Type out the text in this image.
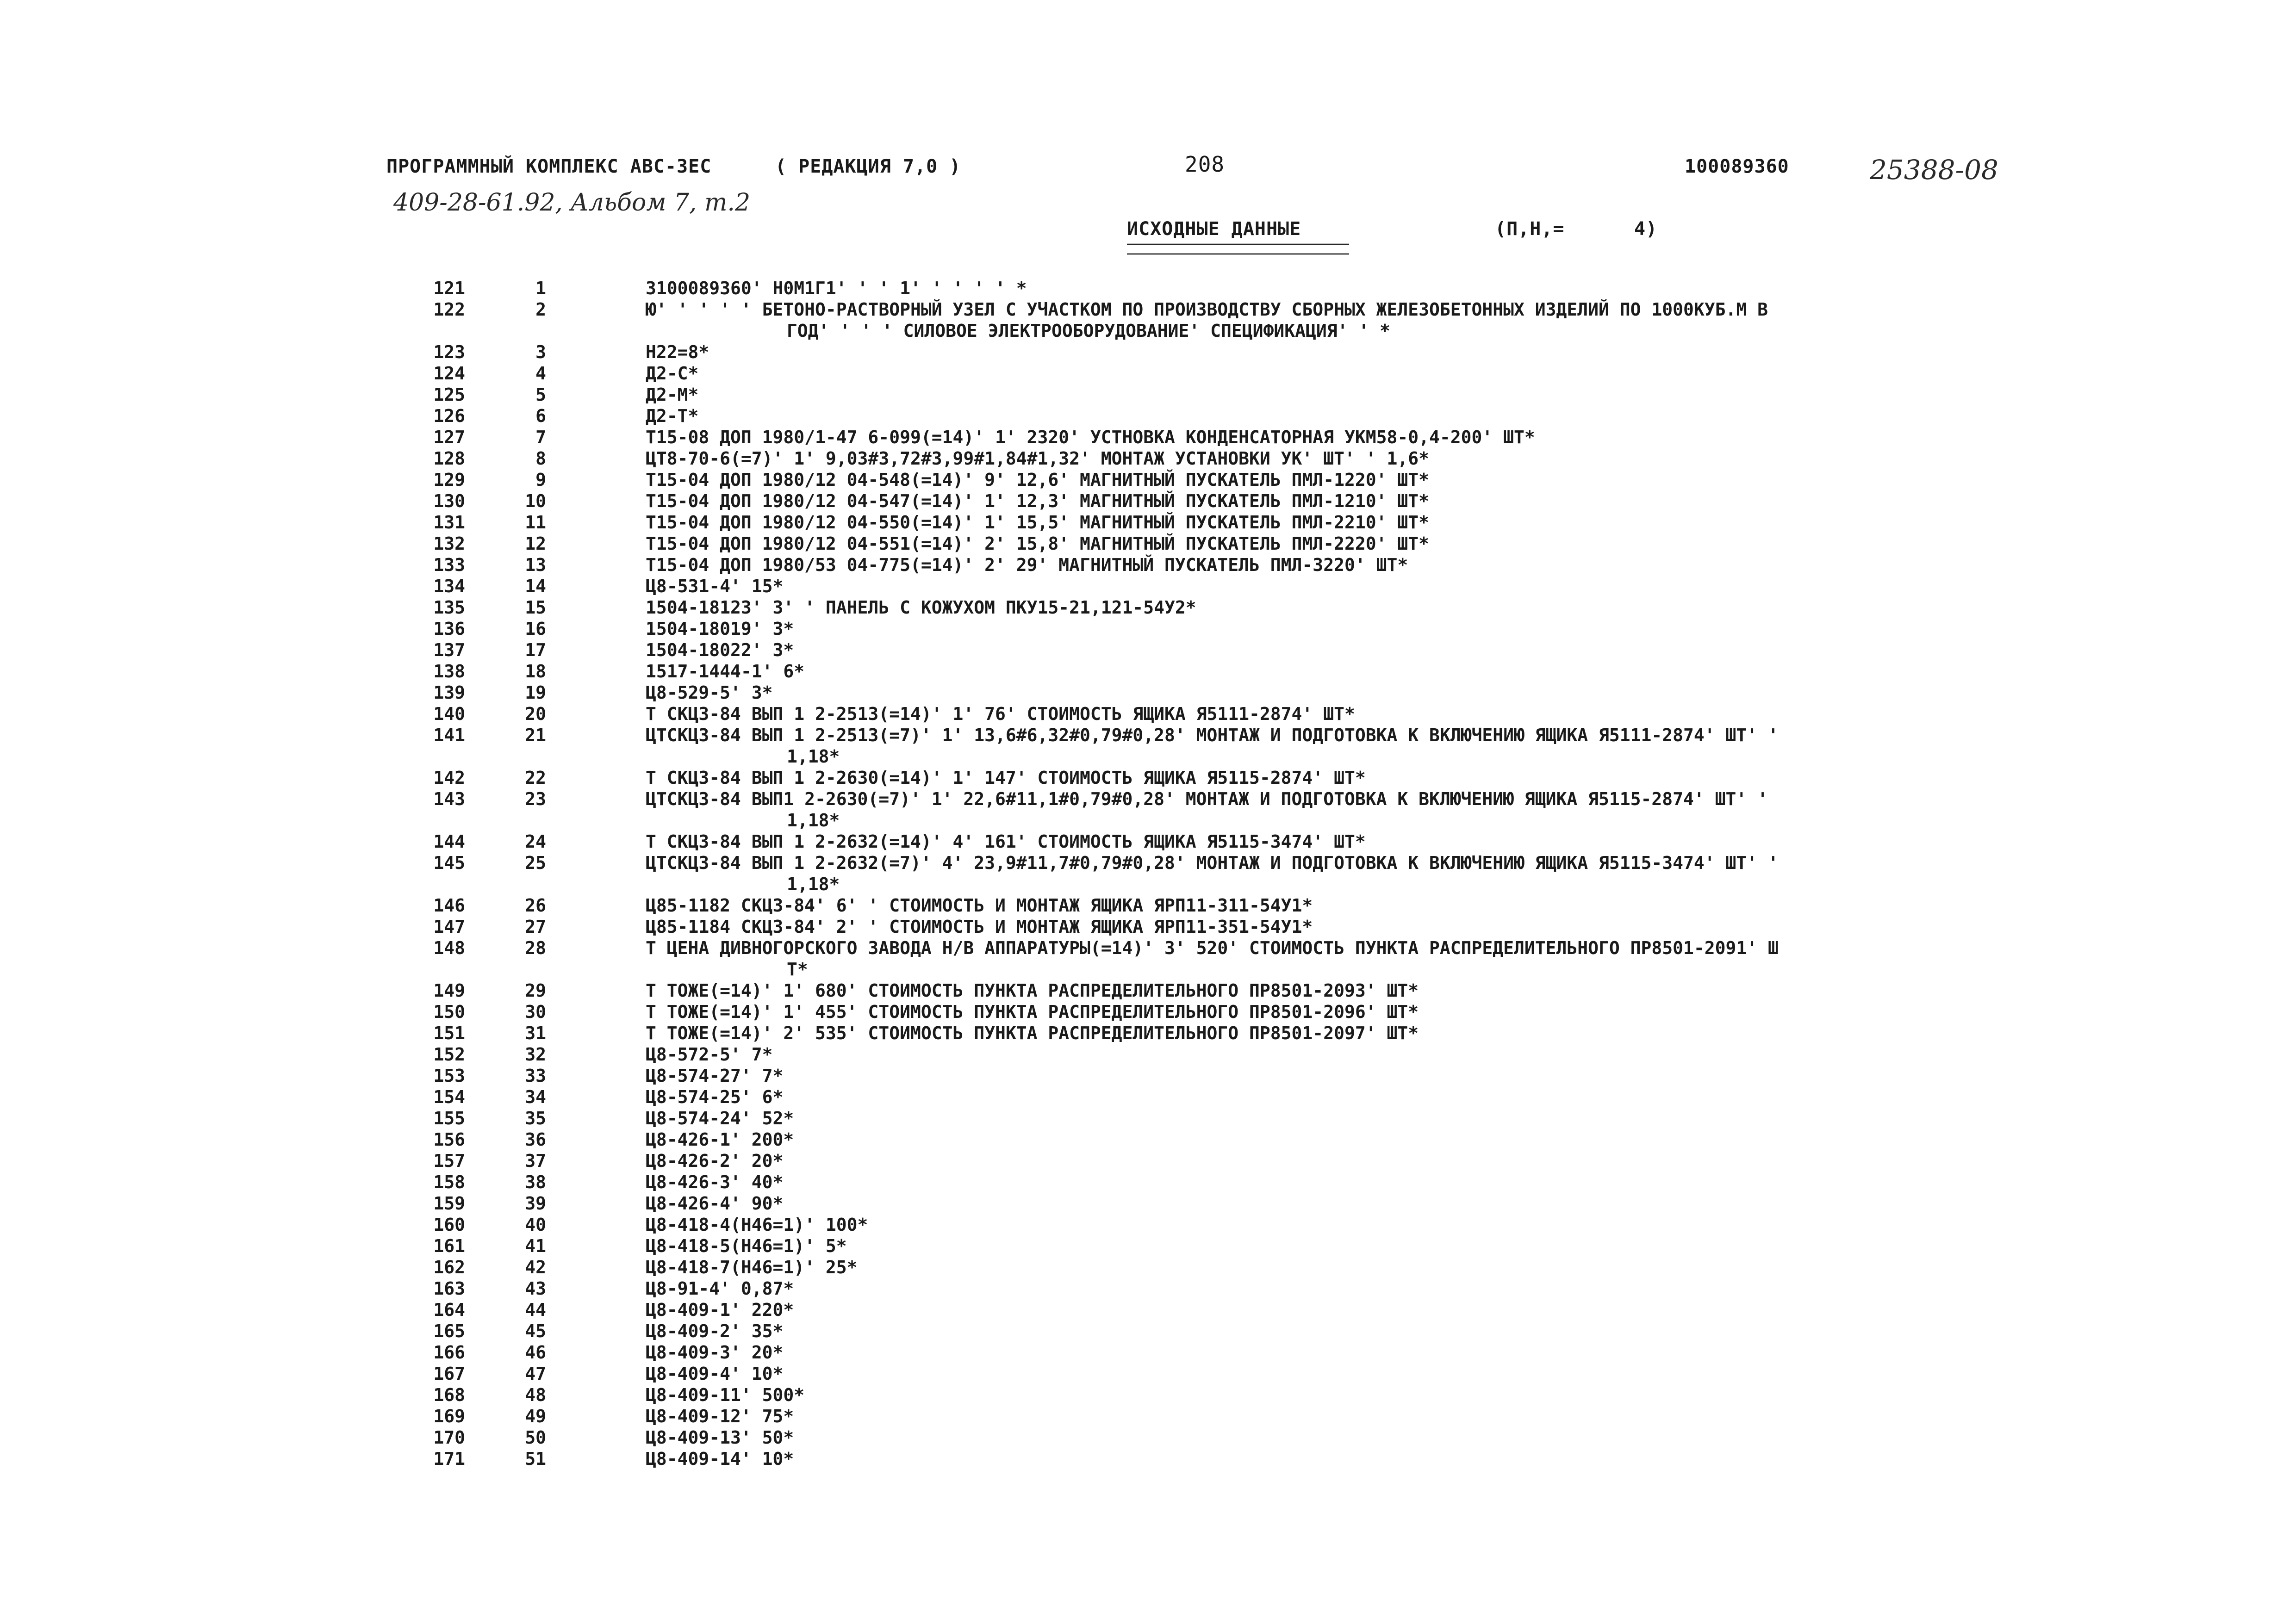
ПРОГРАММНЫЙ КОМПЛЕКС АВС-3ЕС	( РЕДАКЦИЯ 7,0 )	208	100089360	25388-08
409-28-61.92, Альбом 7, т.2
ИСХОДНЫЕ ДАННЫЕ	(П,Н,=      4)
121	1	3100089360' Н0М1Г1' ' ' 1' ' ' ' ' *
122	2	Ю' ' ' ' ' БЕТОНО-РАСТВОРНЫЙ УЗЕЛ С УЧАСТКОМ ПО ПРОИЗВОДСТВУ СБОРНЫХ ЖЕЛЕЗОБЕТОННЫХ ИЗДЕЛИЙ ПО 1000КУБ.М В
ГОД' ' ' ' СИЛОВОЕ ЭЛЕКТРООБОРУДОВАНИЕ' СПЕЦИФИКАЦИЯ' ' *
123	3	Н22=8*
124	4	Д2-С*
125	5	Д2-М*
126	6	Д2-Т*
127	7	Т15-08 ДОП 1980/1-47 6-099(=14)' 1' 2320' УСТНОВКА КОНДЕНСАТОРНАЯ УКМ58-0,4-200' ШТ*
128	8	ЦТ8-70-6(=7)' 1' 9,03#3,72#3,99#1,84#1,32' МОНТАЖ УСТАНОВКИ УК' ШТ' ' 1,6*
129	9	Т15-04 ДОП 1980/12 04-548(=14)' 9' 12,6' МАГНИТНЫЙ ПУСКАТЕЛЬ ПМЛ-1220' ШТ*
130	10	Т15-04 ДОП 1980/12 04-547(=14)' 1' 12,3' МАГНИТНЫЙ ПУСКАТЕЛЬ ПМЛ-1210' ШТ*
131	11	Т15-04 ДОП 1980/12 04-550(=14)' 1' 15,5' МАГНИТНЫЙ ПУСКАТЕЛЬ ПМЛ-2210' ШТ*
132	12	Т15-04 ДОП 1980/12 04-551(=14)' 2' 15,8' МАГНИТНЫЙ ПУСКАТЕЛЬ ПМЛ-2220' ШТ*
133	13	Т15-04 ДОП 1980/53 04-775(=14)' 2' 29' МАГНИТНЫЙ ПУСКАТЕЛЬ ПМЛ-3220' ШТ*
134	14	Ц8-531-4' 15*
135	15	1504-18123' 3' ' ПАНЕЛЬ С КОЖУХОМ ПКУ15-21,121-54У2*
136	16	1504-18019' 3*
137	17	1504-18022' 3*
138	18	1517-1444-1' 6*
139	19	Ц8-529-5' 3*
140	20	Т СКЦ3-84 ВЫП 1 2-2513(=14)' 1' 76' СТОИМОСТЬ ЯЩИКА Я5111-2874' ШТ*
141	21	ЦТСКЦ3-84 ВЫП 1 2-2513(=7)' 1' 13,6#6,32#0,79#0,28' МОНТАЖ И ПОДГОТОВКА К ВКЛЮЧЕНИЮ ЯЩИКА Я5111-2874' ШТ' '
1,18*
142	22	Т СКЦ3-84 ВЫП 1 2-2630(=14)' 1' 147' СТОИМОСТЬ ЯЩИКА Я5115-2874' ШТ*
143	23	ЦТСКЦ3-84 ВЫП1 2-2630(=7)' 1' 22,6#11,1#0,79#0,28' МОНТАЖ И ПОДГОТОВКА К ВКЛЮЧЕНИЮ ЯЩИКА Я5115-2874' ШТ' '
1,18*
144	24	Т СКЦ3-84 ВЫП 1 2-2632(=14)' 4' 161' СТОИМОСТЬ ЯЩИКА Я5115-3474' ШТ*
145	25	ЦТСКЦ3-84 ВЫП 1 2-2632(=7)' 4' 23,9#11,7#0,79#0,28' МОНТАЖ И ПОДГОТОВКА К ВКЛЮЧЕНИЮ ЯЩИКА Я5115-3474' ШТ' '
1,18*
146	26	Ц85-1182 СКЦ3-84' 6' ' СТОИМОСТЬ И МОНТАЖ ЯЩИКА ЯРП11-311-54У1*
147	27	Ц85-1184 СКЦ3-84' 2' ' СТОИМОСТЬ И МОНТАЖ ЯЩИКА ЯРП11-351-54У1*
148	28	Т ЦЕНА ДИВНОГОРСКОГО ЗАВОДА Н/В АППАРАТУРЫ(=14)' 3' 520' СТОИМОСТЬ ПУНКТА РАСПРЕДЕЛИТЕЛЬНОГО ПР8501-2091' Ш
Т*
149	29	Т ТОЖЕ(=14)' 1' 680' СТОИМОСТЬ ПУНКТА РАСПРЕДЕЛИТЕЛЬНОГО ПР8501-2093' ШТ*
150	30	Т ТОЖЕ(=14)' 1' 455' СТОИМОСТЬ ПУНКТА РАСПРЕДЕЛИТЕЛЬНОГО ПР8501-2096' ШТ*
151	31	Т ТОЖЕ(=14)' 2' 535' СТОИМОСТЬ ПУНКТА РАСПРЕДЕЛИТЕЛЬНОГО ПР8501-2097' ШТ*
152	32	Ц8-572-5' 7*
153	33	Ц8-574-27' 7*
154	34	Ц8-574-25' 6*
155	35	Ц8-574-24' 52*
156	36	Ц8-426-1' 200*
157	37	Ц8-426-2' 20*
158	38	Ц8-426-3' 40*
159	39	Ц8-426-4' 90*
160	40	Ц8-418-4(Н46=1)' 100*
161	41	Ц8-418-5(Н46=1)' 5*
162	42	Ц8-418-7(Н46=1)' 25*
163	43	Ц8-91-4' 0,87*
164	44	Ц8-409-1' 220*
165	45	Ц8-409-2' 35*
166	46	Ц8-409-3' 20*
167	47	Ц8-409-4' 10*
168	48	Ц8-409-11' 500*
169	49	Ц8-409-12' 75*
170	50	Ц8-409-13' 50*
171	51	Ц8-409-14' 10*
